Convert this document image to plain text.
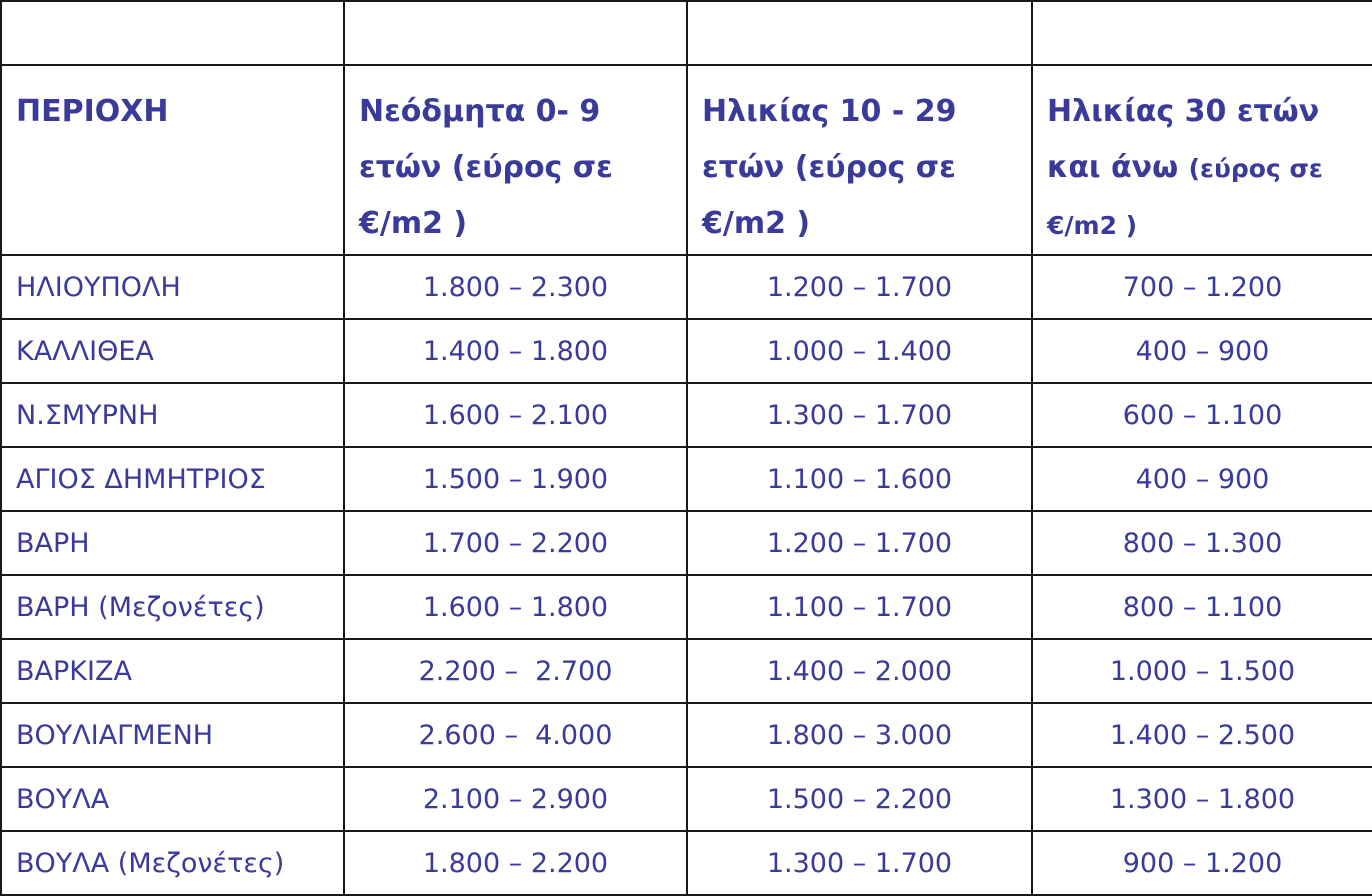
ΠΕΡΙΟΧΗ	Νεόδμητα 0- 9 ετών (εύρος σε €/m2 )	Ηλικίας 10 - 29 ετών (εύρος σε €/m2 )	Ηλικίας 30 ετών και άνω (εύρος σε €/m2 )
ΗΛΙΟΥΠΟΛΗ	1.800 – 2.300	1.200 – 1.700	700 – 1.200
ΚΑΛΛΙΘΕΑ	1.400 – 1.800	1.000 – 1.400	400 – 900
Ν.ΣΜΥΡΝΗ	1.600 – 2.100	1.300 – 1.700	600 – 1.100
ΑΓΙΟΣ ΔΗΜΗΤΡΙΟΣ	1.500 – 1.900	1.100 – 1.600	400 – 900
ΒΑΡΗ	1.700 – 2.200	1.200 – 1.700	800 – 1.300
ΒΑΡΗ (Μεζονέτες)	1.600 – 1.800	1.100 – 1.700	800 – 1.100
ΒΑΡΚΙΖΑ	2.200 –  2.700	1.400 – 2.000	1.000 – 1.500
ΒΟΥΛΙΑΓΜΕΝΗ	2.600 –  4.000	1.800 – 3.000	1.400 – 2.500
ΒΟΥΛΑ	2.100 – 2.900	1.500 – 2.200	1.300 – 1.800
ΒΟΥΛΑ (Μεζονέτες)	1.800 – 2.200	1.300 – 1.700	900 – 1.200
